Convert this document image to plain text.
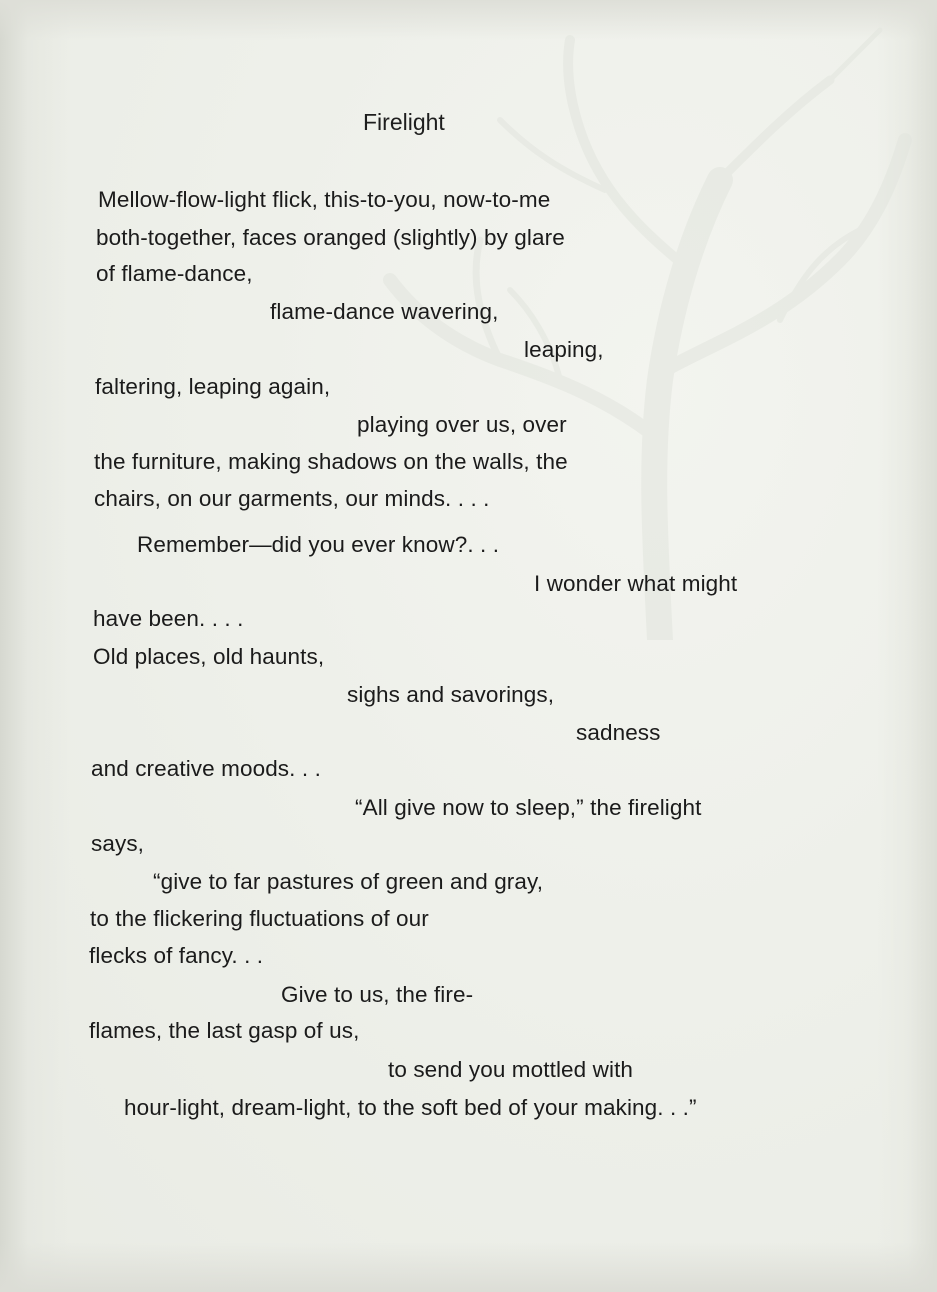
Firelight
Mellow-flow-light flick, this-to-you, now-to-me
both-together, faces oranged (slightly) by glare
of flame-dance,
flame-dance wavering,
leaping,
faltering, leaping again,
playing over us, over
the furniture, making shadows on the walls, the
chairs, on our garments, our minds. . . .
Remember—did you ever know?. . .
I wonder what might
have been. . . .
Old places, old haunts,
sighs and savorings,
sadness
and creative moods. . .
“All give now to sleep,” the firelight
says,
“give to far pastures of green and gray,
to the flickering fluctuations of our
flecks of fancy. . .
Give to us, the fire-
flames, the last gasp of us,
to send you mottled with
hour-light, dream-light, to the soft bed of your making. . .”
